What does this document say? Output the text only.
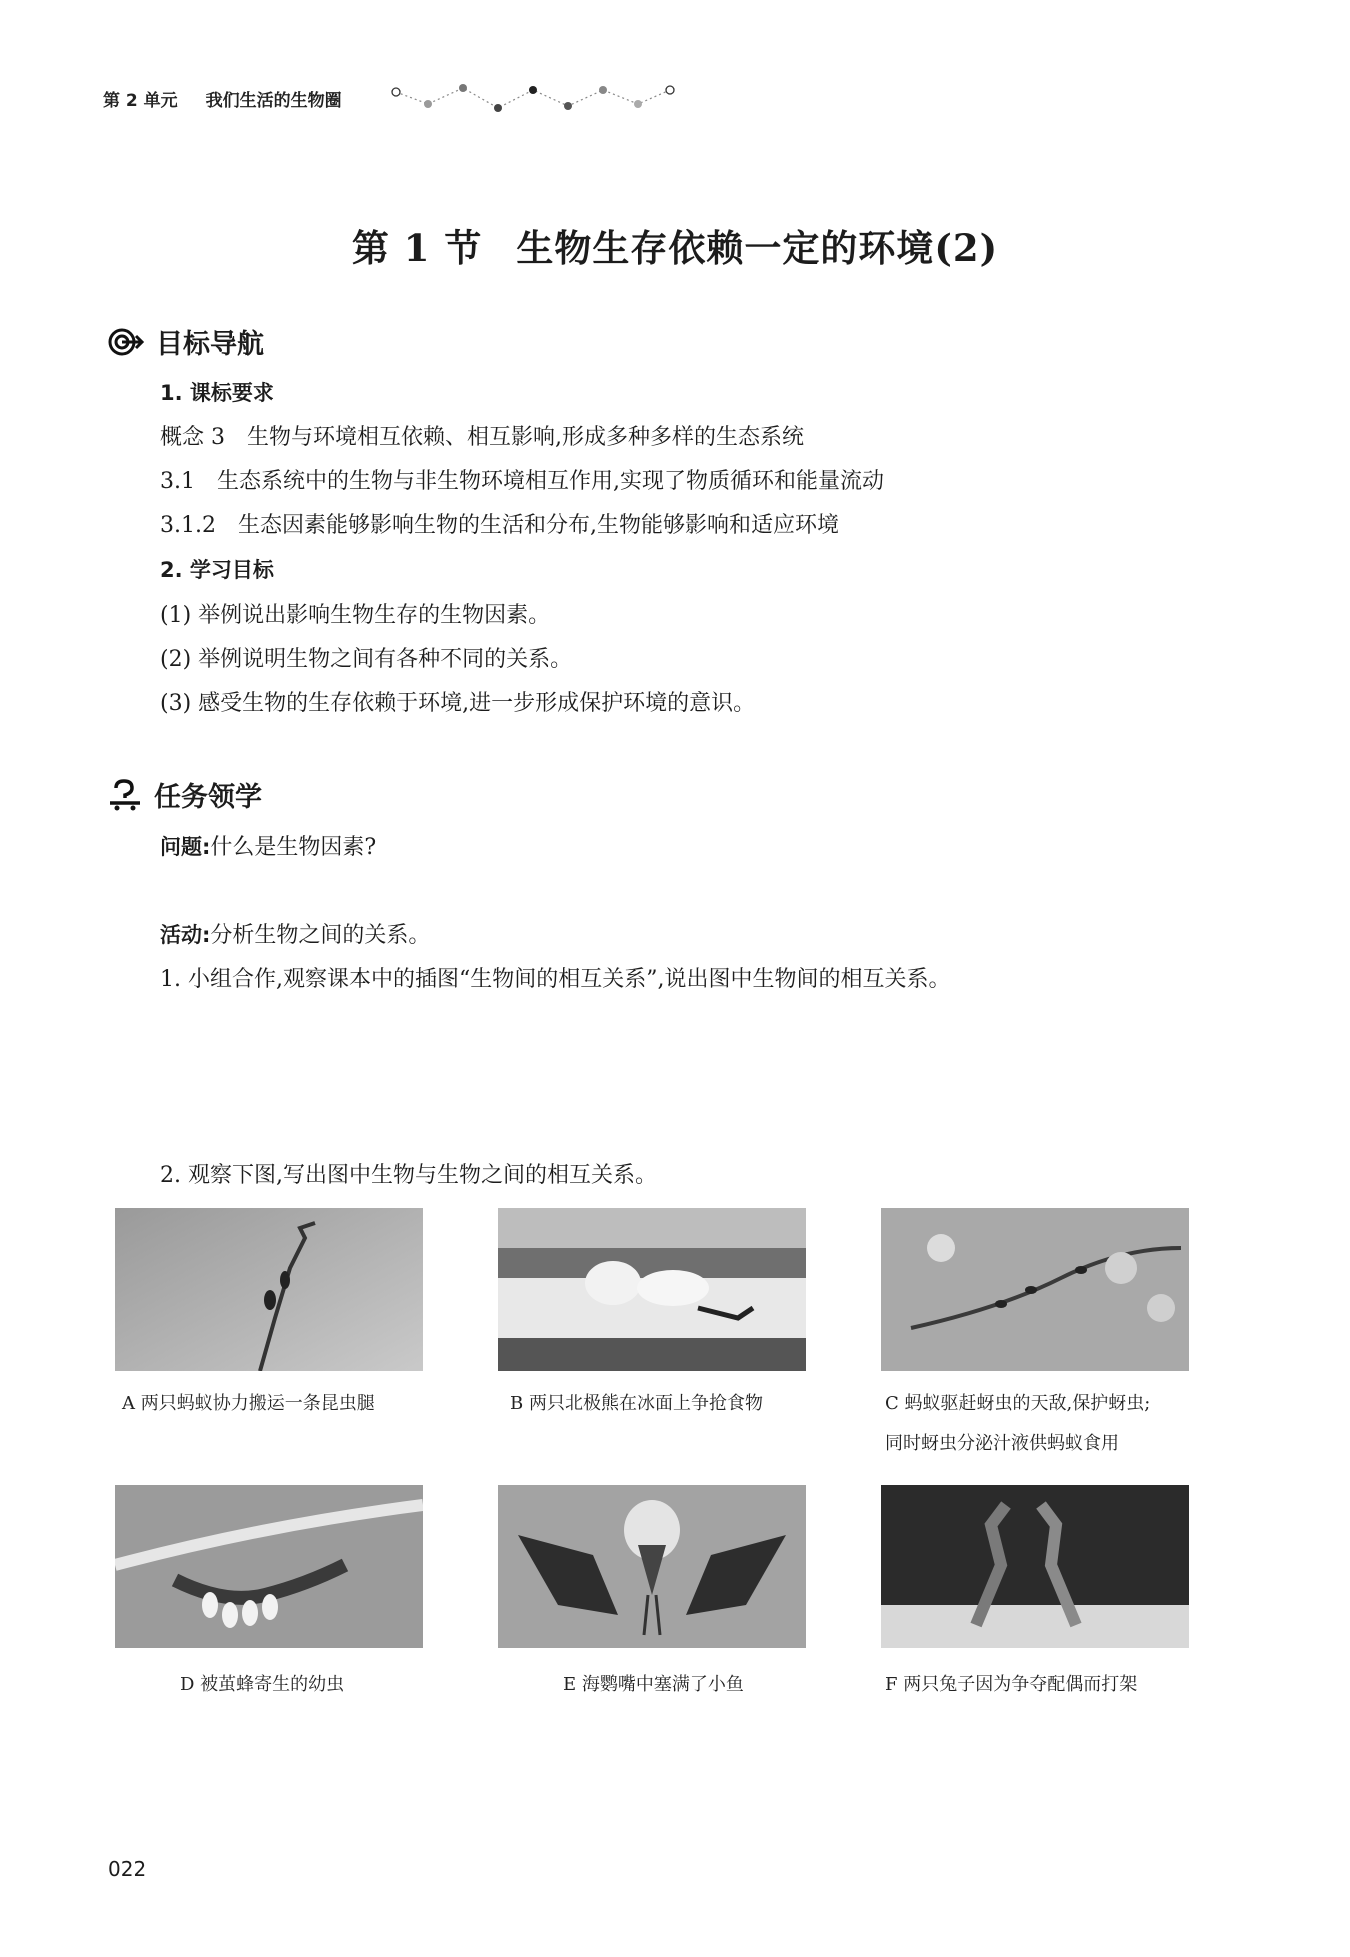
第 2 单元 我们生活的生物圈
第 1 节 生物生存依赖一定的环境(2)
目标导航
1. 课标要求
概念 3　生物与环境相互依赖、相互影响,形成多种多样的生态系统
3.1　生态系统中的生物与非生物环境相互作用,实现了物质循环和能量流动
3.1.2　生态因素能够影响生物的生活和分布,生物能够影响和适应环境
2. 学习目标
(1) 举例说出影响生物生存的生物因素。
(2) 举例说明生物之间有各种不同的关系。
(3) 感受生物的生存依赖于环境,进一步形成保护环境的意识。
任务领学
问题:什么是生物因素?
活动:分析生物之间的关系。
1. 小组合作,观察课本中的插图“生物间的相互关系”,说出图中生物间的相互关系。
2. 观察下图,写出图中生物与生物之间的相互关系。
A 两只蚂蚁协力搬运一条昆虫腿	B 两只北极熊在冰面上争抢食物	C 蚂蚁驱赶蚜虫的天敌,保护蚜虫;
同时蚜虫分泌汁液供蚂蚁食用
D 被茧蜂寄生的幼虫	E 海鹦嘴中塞满了小鱼	F 两只兔子因为争夺配偶而打架
022
